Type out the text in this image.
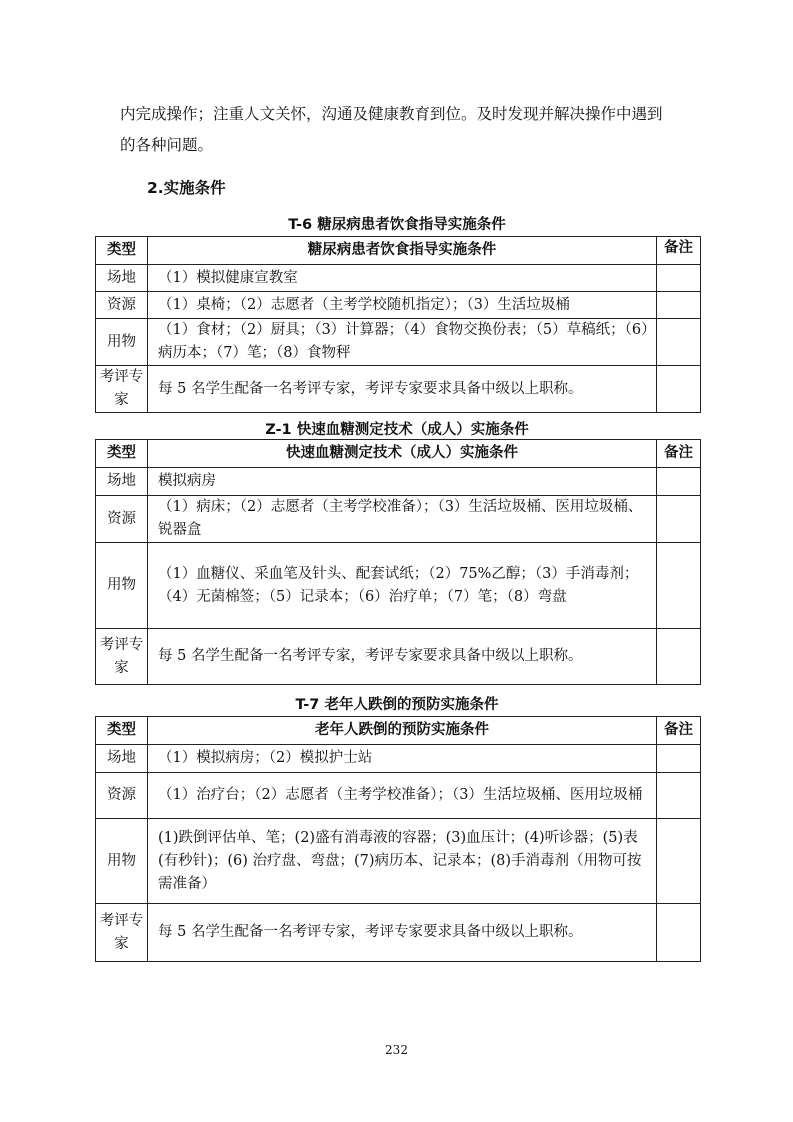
内完成操作；注重人文关怀，沟通及健康教育到位。及时发现并解决操作中遇到
的各种问题。
2.实施条件
T-6 糖尿病患者饮食指导实施条件
类型	糖尿病患者饮食指导实施条件	备注
场地	（1）模拟健康宣教室	
资源	（1）桌椅；（2）志愿者（主考学校随机指定）；（3）生活垃圾桶	
用物	（1）食材；（2）厨具；（3）计算器；（4）食物交换份表；（5）草稿纸；（6）病历本；（7）笔；（8）食物秤	
考评专家	每 5 名学生配备一名考评专家，考评专家要求具备中级以上职称。	
Z-1 快速血糖测定技术（成人）实施条件
类型	快速血糖测定技术（成人）实施条件	备注
场地	模拟病房	
资源	（1）病床；（2）志愿者（主考学校准备）；（3）生活垃圾桶、医用垃圾桶、锐器盒	
用物	（1）血糖仪、采血笔及针头、配套试纸；（2）75%乙醇；（3）手消毒剂；（4）无菌棉签；（5）记录本；（6）治疗单；（7）笔；（8）弯盘	
考评专家	每 5 名学生配备一名考评专家，考评专家要求具备中级以上职称。	
T-7 老年人跌倒的预防实施条件
类型	老年人跌倒的预防实施条件	备注
场地	（1）模拟病房；（2）模拟护士站	
资源	（1）治疗台；（2）志愿者（主考学校准备）；（3）生活垃圾桶、医用垃圾桶	
用物	(1)跌倒评估单、笔；(2)盛有消毒液的容器；(3)血压计；(4)听诊器；(5)表(有秒针)；(6) 治疗盘、弯盘；(7)病历本、记录本；(8)手消毒剂（用物可按需准备）	
考评专家	每 5 名学生配备一名考评专家，考评专家要求具备中级以上职称。	
232
